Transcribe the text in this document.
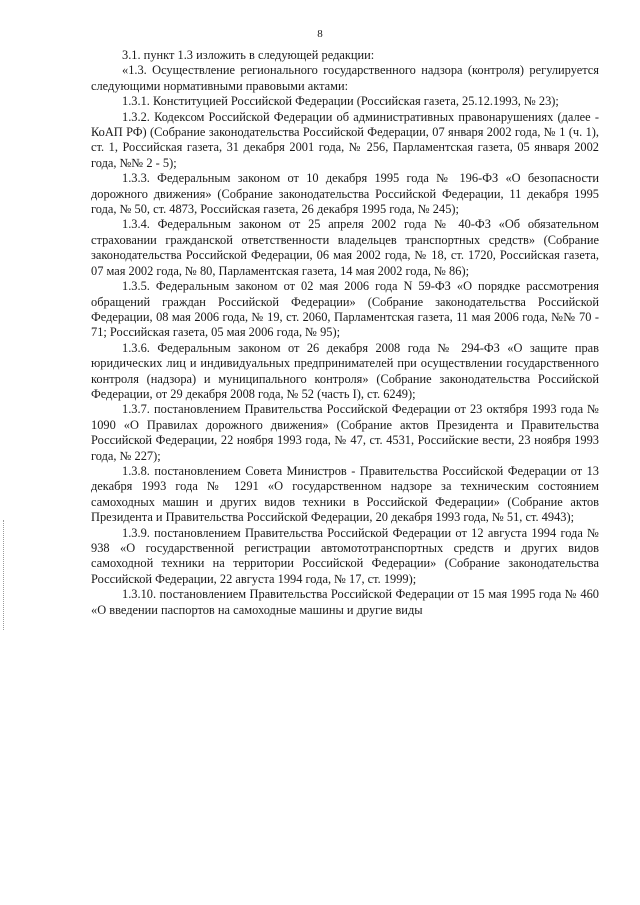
8

3.1. пункт 1.3 изложить в следующей редакции:

«1.3. Осуществление регионального государственного надзора (контроля) регулируется следующими нормативными правовыми актами:

1.3.1. Конституцией Российской Федерации (Российская газета, 25.12.1993, № 23);

1.3.2. Кодексом Российской Федерации об административных правонарушениях (далее - КоАП РФ) (Собрание законодательства Российской Федерации, 07 января 2002 года, № 1 (ч. 1), ст. 1, Российская газета, 31 декабря 2001 года, № 256, Парламентская газета, 05 января 2002 года, №№ 2 - 5);

1.3.3. Федеральным законом от 10 декабря 1995 года № 196-ФЗ «О безопасности дорожного движения» (Собрание законодательства Российской Федерации, 11 декабря 1995 года, № 50, ст. 4873, Российская газета, 26 декабря 1995 года, № 245);

1.3.4. Федеральным законом от 25 апреля 2002 года № 40-ФЗ «Об обязательном страховании гражданской ответственности владельцев транспортных средств» (Собрание законодательства Российской Федерации, 06 мая 2002 года, № 18, ст. 1720, Российская газета, 07 мая 2002 года, № 80, Парламентская газета, 14 мая 2002 года, № 86);

1.3.5. Федеральным законом от 02 мая 2006 года N 59-ФЗ «О порядке рассмотрения обращений граждан Российской Федерации» (Собрание законодательства Российской Федерации, 08 мая 2006 года, № 19, ст. 2060, Парламентская газета, 11 мая 2006 года, №№ 70 - 71; Российская газета, 05 мая 2006 года, № 95);

1.3.6. Федеральным законом от 26 декабря 2008 года № 294-ФЗ «О защите прав юридических лиц и индивидуальных предпринимателей при осуществлении государственного контроля (надзора) и муниципального контроля» (Собрание законодательства Российской Федерации, от 29 декабря 2008 года, № 52 (часть I), ст. 6249);

1.3.7. постановлением Правительства Российской Федерации от 23 октября 1993 года № 1090 «О Правилах дорожного движения» (Собрание актов Президента и Правительства Российской Федерации, 22 ноября 1993 года, № 47, ст. 4531, Российские вести, 23 ноября 1993 года, № 227);

1.3.8. постановлением Совета Министров - Правительства Российской Федерации от 13 декабря 1993 года № 1291 «О государственном надзоре за техническим состоянием самоходных машин и других видов техники в Российской Федерации» (Собрание актов Президента и Правительства Российской Федерации, 20 декабря 1993 года, № 51, ст. 4943);

1.3.9. постановлением Правительства Российской Федерации от 12 августа 1994 года № 938 «О государственной регистрации автомототранспортных средств и других видов самоходной техники на территории Российской Федерации» (Собрание законодательства Российской Федерации, 22 августа 1994 года, № 17, ст. 1999);

1.3.10. постановлением Правительства Российской Федерации от 15 мая 1995 года № 460 «О введении паспортов на самоходные машины и другие виды
